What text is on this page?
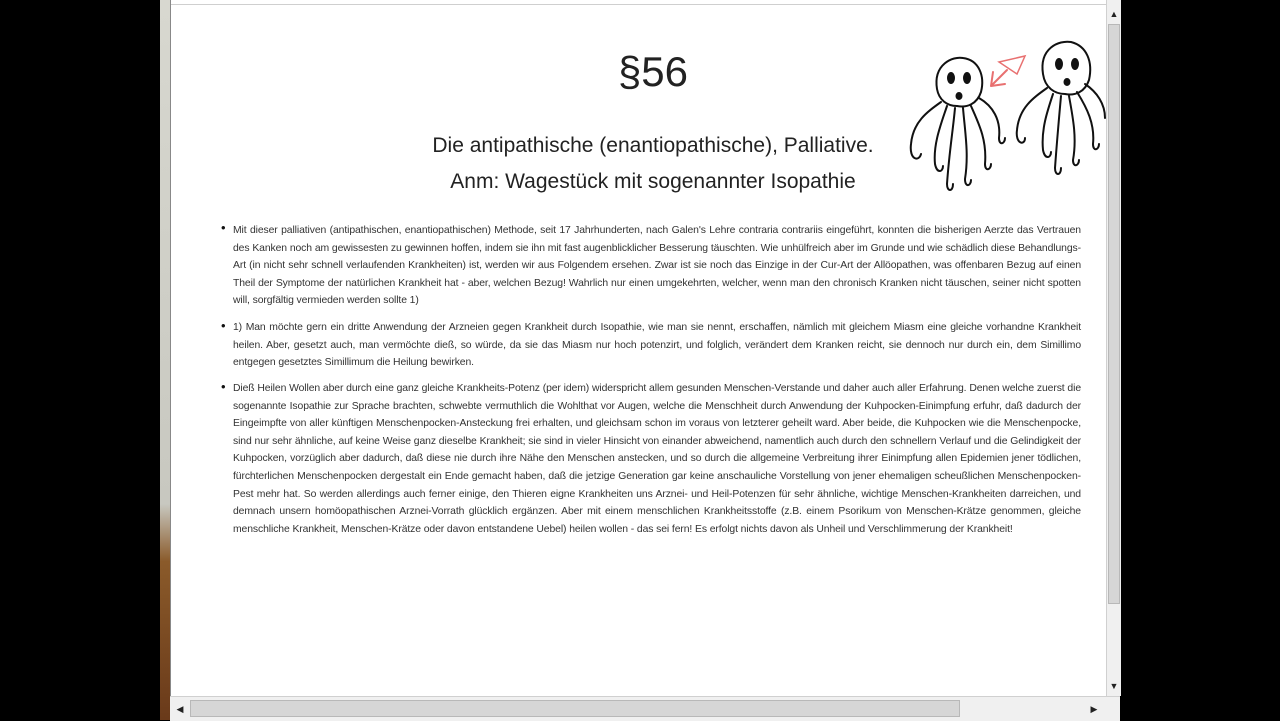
§56
Die antipathische (enantiopathische), Palliative.
Anm: Wagestück mit sogenannter Isopathie
• Mit dieser palliativen (antipathischen, enantiopathischen) Methode, seit 17 Jahrhunderten, nach Galen's Lehre contraria contrariis eingeführt, konnten die bisherigen Aerzte das Vertrauen des Kanken noch am gewissesten zu gewinnen hoffen, indem sie ihn mit fast augenblicklicher Besserung täuschten. Wie unhülfreich aber im Grunde und wie schädlich diese Behandlungs-Art (in nicht sehr schnell verlaufenden Krankheiten) ist, werden wir aus Folgendem ersehen. Zwar ist sie noch das Einzige in der Cur-Art der Allöopathen, was offenbaren Bezug auf einen Theil der Symptome der natürlichen Krankheit hat - aber, welchen Bezug! Wahrlich nur einen umgekehrten, welcher, wenn man den chronisch Kranken nicht täuschen, seiner nicht spotten will, sorgfältig vermieden werden sollte 1)
• 1) Man möchte gern ein dritte Anwendung der Arzneien gegen Krankheit durch Isopathie, wie man sie nennt, erschaffen, nämlich mit gleichem Miasm eine gleiche vorhandne Krankheit heilen. Aber, gesetzt auch, man vermöchte dieß, so würde, da sie das Miasm nur hoch potenzirt, und folglich, verändert dem Kranken reicht, sie dennoch nur durch ein, dem Simillimo entgegen gesetztes Simillimum die Heilung bewirken.
• Dieß Heilen Wollen aber durch eine ganz gleiche Krankheits-Potenz (per idem) widerspricht allem gesunden Menschen-Verstande und daher auch aller Erfahrung. Denen welche zuerst die sogenannte Isopathie zur Sprache brachten, schwebte vermuthlich die Wohlthat vor Augen, welche die Menschheit durch Anwendung der Kuhpocken-Einimpfung erfuhr, daß dadurch der Eingeimpfte von aller künftigen Menschenpocken-Ansteckung frei erhalten, und gleichsam schon im voraus von letzterer geheilt ward. Aber beide, die Kuhpocken wie die Menschenpocke, sind nur sehr ähnliche, auf keine Weise ganz dieselbe Krankheit; sie sind in vieler Hinsicht von einander abweichend, namentlich auch durch den schnellern Verlauf und die Gelindigkeit der Kuhpocken, vorzüglich aber dadurch, daß diese nie durch ihre Nähe den Menschen anstecken, und so durch die allgemeine Verbreitung ihrer Einimpfung allen Epidemien jener tödlichen, fürchterlichen Menschenpocken dergestalt ein Ende gemacht haben, daß die jetzige Generation gar keine anschauliche Vorstellung von jener ehemaligen scheußlichen Menschenpocken-Pest mehr hat. So werden allerdings auch ferner einige, den Thieren eigne Krankheiten uns Arznei- und Heil-Potenzen für sehr ähnliche, wichtige Menschen-Krankheiten darreichen, und demnach unsern homöopathischen Arznei-Vorrath glücklich ergänzen. Aber mit einem menschlichen Krankheitsstoffe (z.B. einem Psorikum von Menschen-Krätze genommen, gleiche menschliche Krankheit, Menschen-Krätze oder davon entstandene Uebel) heilen wollen - das sei fern! Es erfolgt nichts davon als Unheil und Verschlimmerung der Krankheit!
▲
▼
◀	▶
